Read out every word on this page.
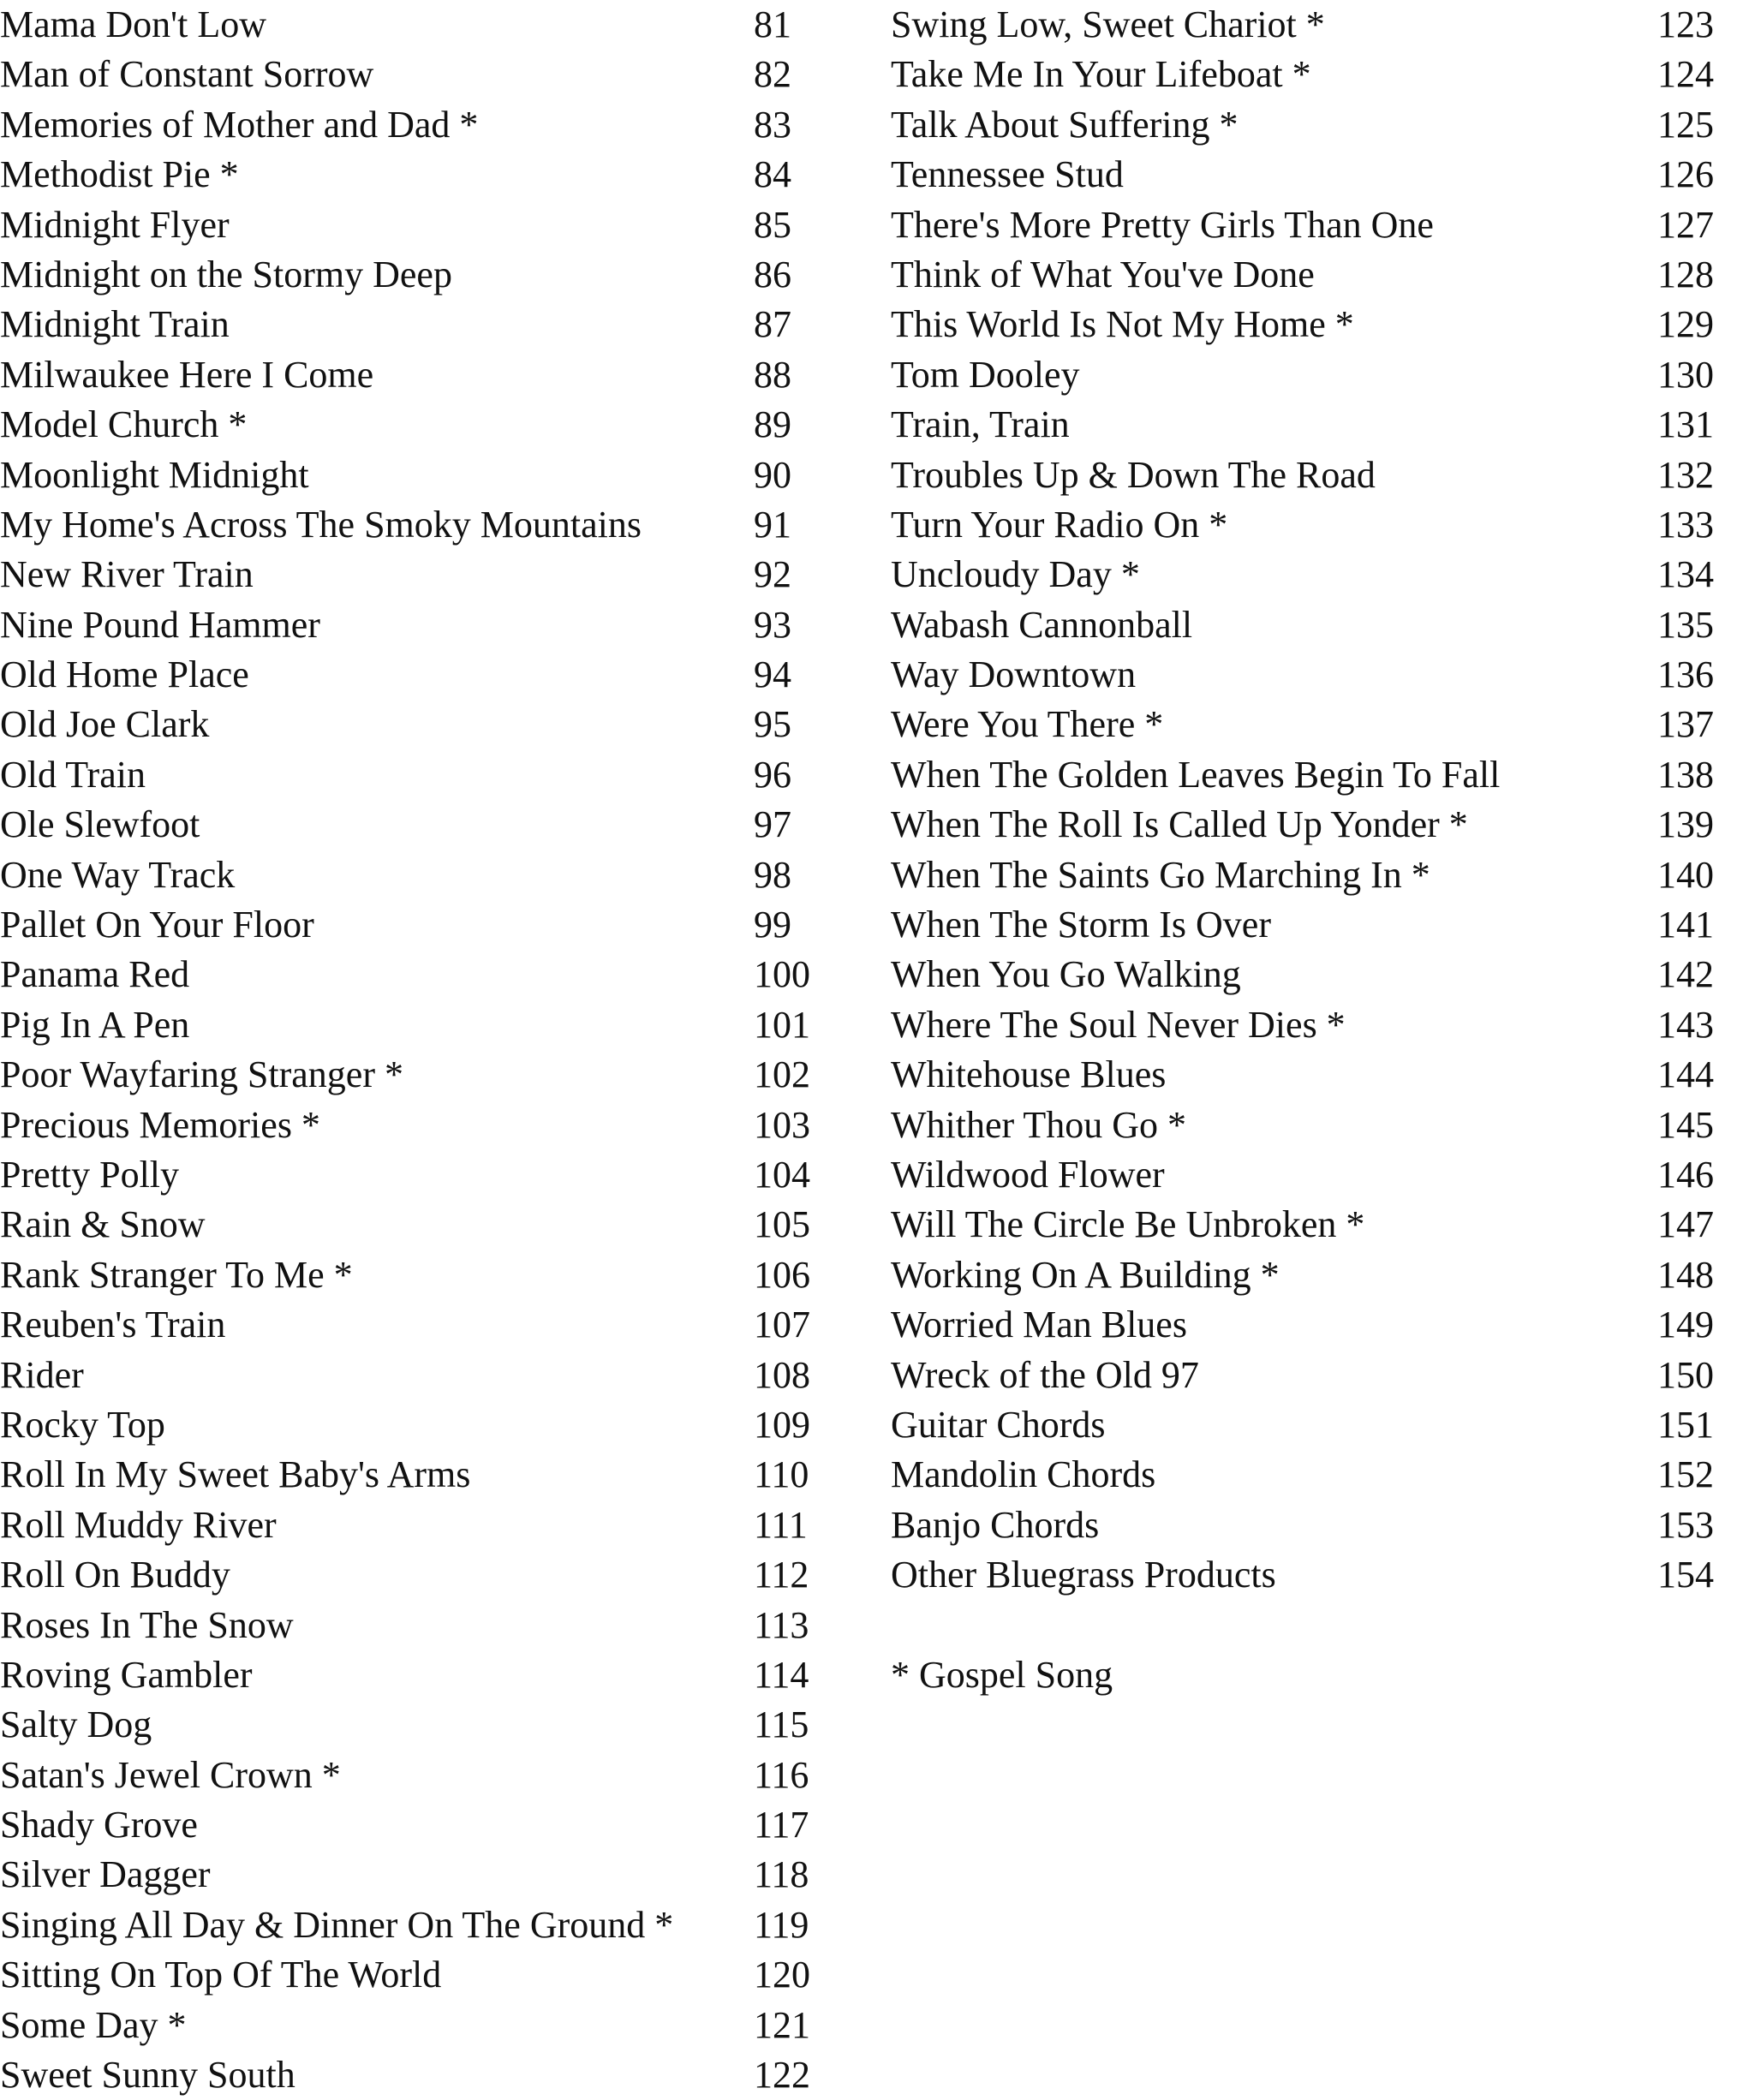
Mama Don't Low	81
Man of Constant Sorrow	82
Memories of Mother and Dad *	83
Methodist Pie *	84
Midnight Flyer	85
Midnight on the Stormy Deep	86
Midnight Train	87
Milwaukee Here I Come	88
Model Church *	89
Moonlight Midnight	90
My Home's Across The Smoky Mountains	91
New River Train	92
Nine Pound Hammer	93
Old Home Place	94
Old Joe Clark	95
Old Train	96
Ole Slewfoot	97
One Way Track	98
Pallet On Your Floor	99
Panama Red	100
Pig In A Pen	101
Poor Wayfaring Stranger *	102
Precious Memories *	103
Pretty Polly	104
Rain & Snow	105
Rank Stranger To Me *	106
Reuben's Train	107
Rider	108
Rocky Top	109
Roll In My Sweet Baby's Arms	110
Roll Muddy River	111
Roll On Buddy	112
Roses In The Snow	113
Roving Gambler	114
Salty Dog	115
Satan's Jewel Crown *	116
Shady Grove	117
Silver Dagger	118
Singing All Day & Dinner On The Ground * 119
Sitting On Top Of The World	120
Some Day *	121
Sweet Sunny South	122
Swing Low, Sweet Chariot *	123
Take Me In Your Lifeboat *	124
Talk About Suffering *	125
Tennessee Stud	126
There's More Pretty Girls Than One	127
Think of What You've Done	128
This World Is Not My Home *	129
Tom Dooley	130
Train, Train	131
Troubles Up & Down The Road	132
Turn Your Radio On *	133
Uncloudy Day *	134
Wabash Cannonball	135
Way Downtown	136
Were You There *	137
When The Golden Leaves Begin To Fall	138
When The Roll Is Called Up Yonder *	139
When The Saints Go Marching In *	140
When The Storm Is Over	141
When You Go Walking	142
Where The Soul Never Dies *	143
Whitehouse Blues	144
Whither Thou Go *	145
Wildwood Flower	146
Will The Circle Be Unbroken *	147
Working On A Building *	148
Worried Man Blues	149
Wreck of the Old 97	150
Guitar Chords	151
Mandolin Chords	152
Banjo Chords	153
Other Bluegrass Products	154
* Gospel Song
